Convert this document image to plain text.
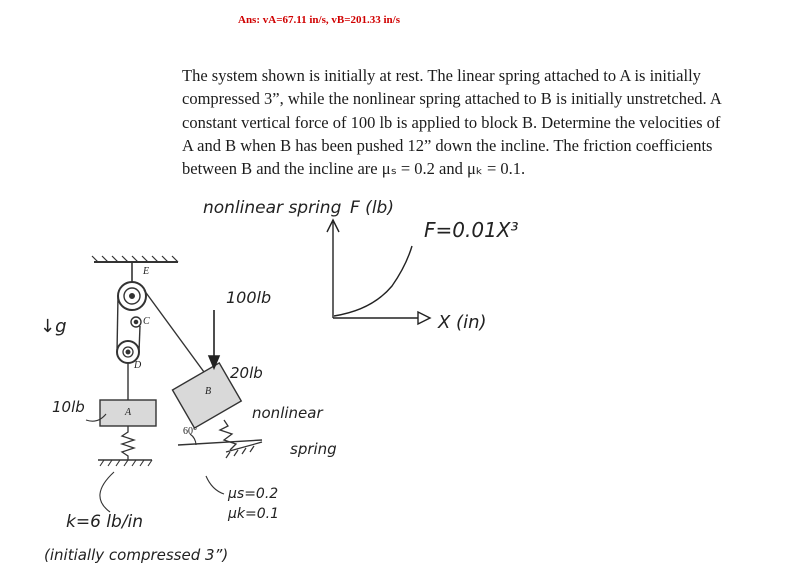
Ans: vA=67.11 in/s, vB=201.33 in/s
The system shown is initially at rest. The linear spring attached to A is initially
compressed 3”, while the nonlinear spring attached to B is initially unstretched. A
constant vertical force of 100 lb is applied to block B. Determine the velocities of
A and B when B has been pushed 12” down the incline. The friction coefficients
between B and the incline are μₛ = 0.2 and μₖ = 0.1.
nonlinear spring F (lb)
F=0.01X³
X (in)
E
C
D
A
B
60°
↓g
100lb
20lb
10lb	nonlinear
spring
μs=0.2
μk=0.1
k=6 lb/in
(initially compressed 3”)
